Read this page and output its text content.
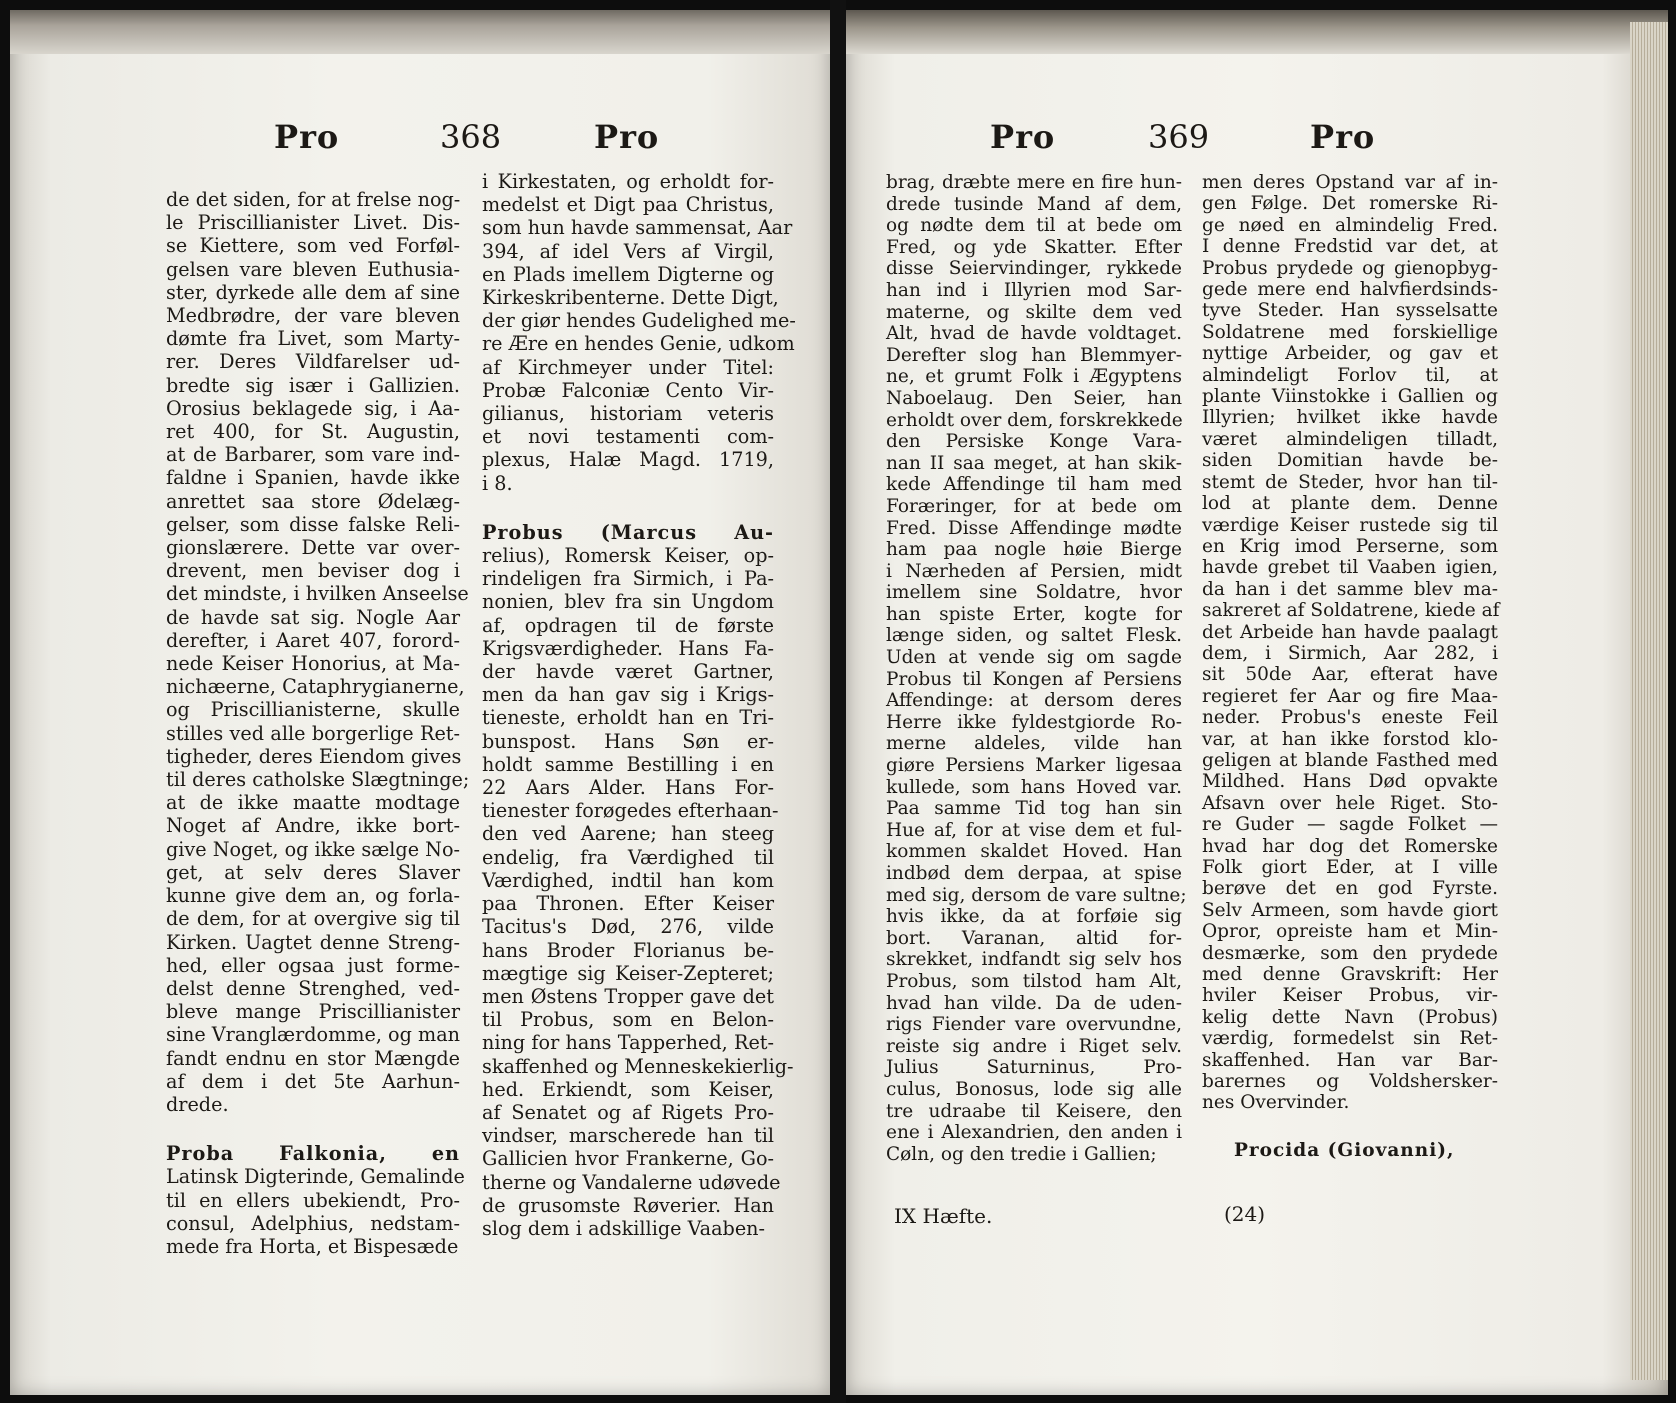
Pro	368	Pro
de det siden, for at frelse nog-
le Priscillianister Livet. Dis-
se Kiettere, som ved Forføl-
gelsen vare bleven Euthusia-
ster, dyrkede alle dem af sine
Medbrødre, der vare bleven
dømte fra Livet, som Marty-
rer. Deres Vildfarelser ud-
bredte sig især i Gallizien.
Orosius beklagede sig, i Aa-
ret 400, for St. Augustin,
at de Barbarer, som vare ind-
faldne i Spanien, havde ikke
anrettet saa store Ødelæg-
gelser, som disse falske Reli-
gionslærere. Dette var over-
drevent, men beviser dog i
det mindste, i hvilken Anseelse
de havde sat sig. Nogle Aar
derefter, i Aaret 407, forord-
nede Keiser Honorius, at Ma-
nichæerne, Cataphrygianerne,
og Priscillianisterne, skulle
stilles ved alle borgerlige Ret-
tigheder, deres Eiendom gives
til deres catholske Slægtninge;
at de ikke maatte modtage
Noget af Andre, ikke bort-
give Noget, og ikke sælge No-
get, at selv deres Slaver
kunne give dem an, og forla-
de dem, for at overgive sig til
Kirken. Uagtet denne Streng-
hed, eller ogsaa just forme-
delst denne Strenghed, ved-
bleve mange Priscillianister
sine Vranglærdomme, og man
fandt endnu en stor Mængde
af dem i det 5te Aarhun-
drede.
Proba Falkonia, en
Latinsk Digterinde, Gemalinde
til en ellers ubekiendt, Pro-
consul, Adelphius, nedstam-
mede fra Horta, et Bispesæde
i Kirkestaten, og erholdt for-
medelst et Digt paa Christus,
som hun havde sammensat, Aar
394, af idel Vers af Virgil,
en Plads imellem Digterne og
Kirkeskribenterne. Dette Digt,
der giør hendes Gudelighed me-
re Ære en hendes Genie, udkom
af Kirchmeyer under Titel:
Probæ Falconiæ Cento Vir-
gilianus, historiam veteris
et novi testamenti com-
plexus, Halæ Magd. 1719,
i 8.
Probus (Marcus Au-
relius), Romersk Keiser, op-
rindeligen fra Sirmich, i Pa-
nonien, blev fra sin Ungdom
af, opdragen til de første
Krigsværdigheder. Hans Fa-
der havde været Gartner,
men da han gav sig i Krigs-
tieneste, erholdt han en Tri-
bunspost. Hans Søn er-
holdt samme Bestilling i en
22 Aars Alder. Hans For-
tienester forøgedes efterhaan-
den ved Aarene; han steeg
endelig, fra Værdighed til
Værdighed, indtil han kom
paa Thronen. Efter Keiser
Tacitus's Død, 276, vilde
hans Broder Florianus be-
mægtige sig Keiser-Zepteret;
men Østens Tropper gave det
til Probus, som en Belon-
ning for hans Tapperhed, Ret-
skaffenhed og Menneskekierlig-
hed. Erkiendt, som Keiser,
af Senatet og af Rigets Pro-
vindser, marscherede han til
Gallicien hvor Frankerne, Go-
therne og Vandalerne udøvede
de grusomste Røverier. Han
slog dem i adskillige Vaaben-
Pro	369	Pro
brag, dræbte mere en fire hun-
drede tusinde Mand af dem,
og nødte dem til at bede om
Fred, og yde Skatter. Efter
disse Seiervindinger, rykkede
han ind i Illyrien mod Sar-
materne, og skilte dem ved
Alt, hvad de havde voldtaget.
Derefter slog han Blemmyer-
ne, et grumt Folk i Ægyptens
Naboelaug. Den Seier, han
erholdt over dem, forskrekkede
den Persiske Konge Vara-
nan II saa meget, at han skik-
kede Affendinge til ham med
Foræringer, for at bede om
Fred. Disse Affendinge mødte
ham paa nogle høie Bierge
i Nærheden af Persien, midt
imellem sine Soldatre, hvor
han spiste Erter, kogte for
længe siden, og saltet Flesk.
Uden at vende sig om sagde
Probus til Kongen af Persiens
Affendinge: at dersom deres
Herre ikke fyldestgiorde Ro-
merne aldeles, vilde han
giøre Persiens Marker ligesaa
kullede, som hans Hoved var.
Paa samme Tid tog han sin
Hue af, for at vise dem et ful-
kommen skaldet Hoved. Han
indbød dem derpaa, at spise
med sig, dersom de vare sultne;
hvis ikke, da at forføie sig
bort. Varanan, altid for-
skrekket, indfandt sig selv hos
Probus, som tilstod ham Alt,
hvad han vilde. Da de uden-
rigs Fiender vare overvundne,
reiste sig andre i Riget selv.
Julius Saturninus, Pro-
culus, Bonosus, lode sig alle
tre udraabe til Keisere, den
ene i Alexandrien, den anden i
Cøln, og den tredie i Gallien;
men deres Opstand var af in-
gen Følge. Det romerske Ri-
ge nøed en almindelig Fred.
I denne Fredstid var det, at
Probus prydede og gienopbyg-
gede mere end halvfierdsinds-
tyve Steder. Han sysselsatte
Soldatrene med forskiellige
nyttige Arbeider, og gav et
almindeligt Forlov til, at
plante Viinstokke i Gallien og
Illyrien; hvilket ikke havde
været almindeligen tilladt,
siden Domitian havde be-
stemt de Steder, hvor han til-
lod at plante dem. Denne
værdige Keiser rustede sig til
en Krig imod Perserne, som
havde grebet til Vaaben igien,
da han i det samme blev ma-
sakreret af Soldatrene, kiede af
det Arbeide han havde paalagt
dem, i Sirmich, Aar 282, i
sit 50de Aar, efterat have
regieret fer Aar og fire Maa-
neder. Probus's eneste Feil
var, at han ikke forstod klo-
geligen at blande Fasthed med
Mildhed. Hans Død opvakte
Afsavn over hele Riget. Sto-
re Guder — sagde Folket —
hvad har dog det Romerske
Folk giort Eder, at I ville
berøve det en god Fyrste.
Selv Armeen, som havde giort
Opror, opreiste ham et Min-
desmærke, som den prydede
med denne Gravskrift: Her
hviler Keiser Probus, vir-
kelig dette Navn (Probus)
værdig, formedelst sin Ret-
skaffenhed. Han var Bar-
barernes og Voldshersker-
nes Overvinder.
Procida (Giovanni),
IX Hæfte.	(24)
